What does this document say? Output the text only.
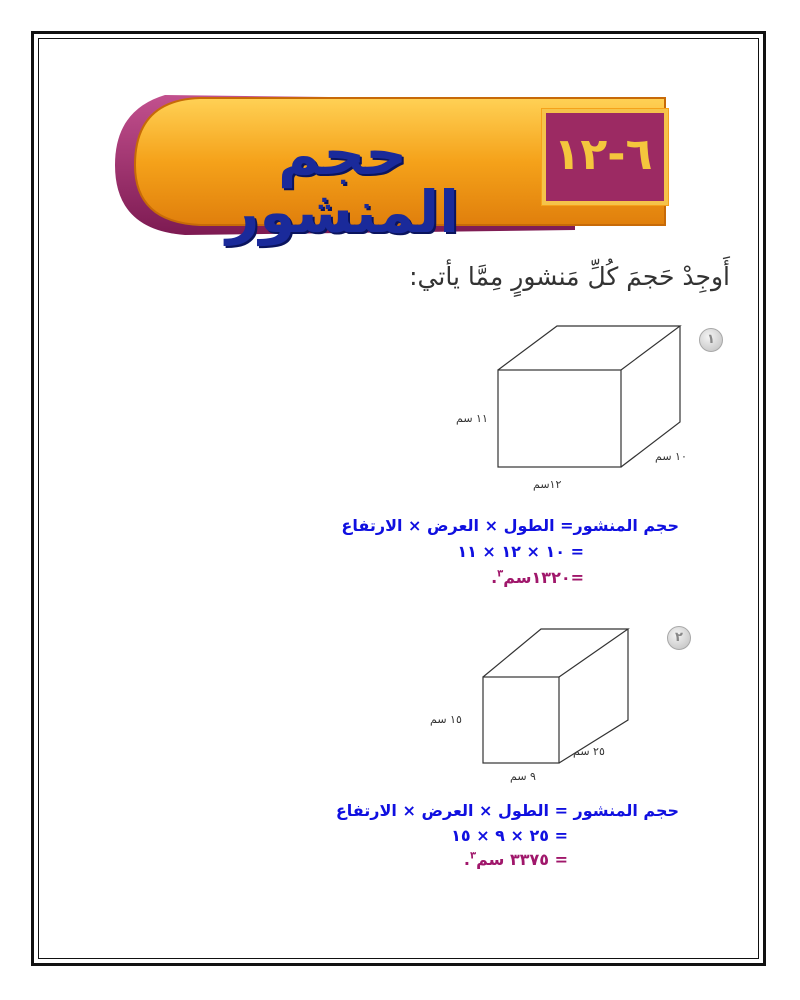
حجم المنشور
٦-١٢
أَوجِدْ حَجمَ كُلِّ مَنشورٍ مِمَّا يأتي:
١
١١ سم
١٠ سم
١٢سم
حجم المنشور= الطول × العرض × الارتفاع
= ١٠ × ١٢ × ١١
=١٣٢٠سم$^٣$.
٢
١٥ سم
٢٥ سم
٩ سم
حجم المنشور = الطول × العرض × الارتفاع
= ٢٥ × ٩ × ١٥
= ٣٣٧٥ سم$^٣$.
